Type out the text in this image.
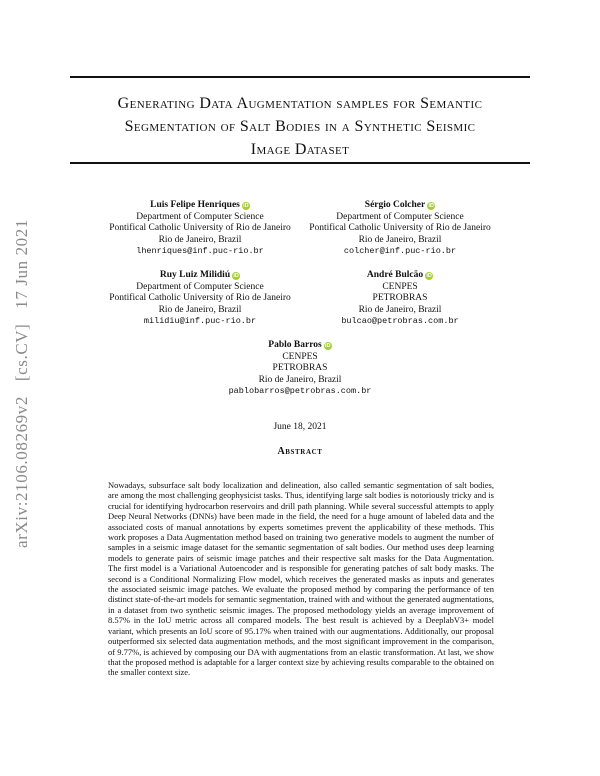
arXiv:2106.08269v2 [cs.CV] 17 Jun 2021
Generating Data Augmentation samples for Semantic
Segmentation of Salt Bodies in a Synthetic Seismic
Image Dataset
Luis Felipe Henriques iD
Department of Computer Science
Pontifical Catholic University of Rio de Janeiro
Rio de Janeiro, Brazil
lhenriques@inf.puc-rio.br
Sérgio Colcher iD
Department of Computer Science
Pontifical Catholic University of Rio de Janeiro
Rio de Janeiro, Brazil
colcher@inf.puc-rio.br
Ruy Luiz Milidiú iD
Department of Computer Science
Pontifical Catholic University of Rio de Janeiro
Rio de Janeiro, Brazil
milidiu@inf.puc-rio.br
André Bulcão iD
CENPES
PETROBRAS
Rio de Janeiro, Brazil
bulcao@petrobras.com.br
Pablo Barros iD
CENPES
PETROBRAS
Rio de Janeiro, Brazil
pablobarros@petrobras.com.br
June 18, 2021
Abstract
Nowadays, subsurface salt body localization and delineation, also called semantic segmentation of salt bodies, are among the most challenging geophysicist tasks. Thus, identifying large salt bodies is notoriously tricky and is crucial for identifying hydrocarbon reservoirs and drill path planning. While several successful attempts to apply Deep Neural Networks (DNNs) have been made in the field, the need for a huge amount of labeled data and the associated costs of manual annotations by experts sometimes prevent the applicability of these methods. This work proposes a Data Augmentation method based on training two generative models to augment the number of samples in a seismic image dataset for the semantic segmentation of salt bodies. Our method uses deep learning models to generate pairs of seismic image patches and their respective salt masks for the Data Augmentation. The first model is a Variational Autoencoder and is responsible for generating patches of salt body masks. The second is a Conditional Normalizing Flow model, which receives the generated masks as inputs and generates the associated seismic image patches. We evaluate the proposed method by comparing the performance of ten distinct state-of-the-art models for semantic segmentation, trained with and without the generated augmentations, in a dataset from two synthetic seismic images. The proposed methodology yields an average improvement of 8.57% in the IoU metric across all compared models. The best result is achieved by a DeeplabV3+ model variant, which presents an IoU score of 95.17% when trained with our augmentations. Additionally, our proposal outperformed six selected data augmentation methods, and the most significant improvement in the comparison, of 9.77%, is achieved by composing our DA with augmentations from an elastic transformation. At last, we show that the proposed method is adaptable for a larger context size by achieving results comparable to the obtained on the smaller context size.
